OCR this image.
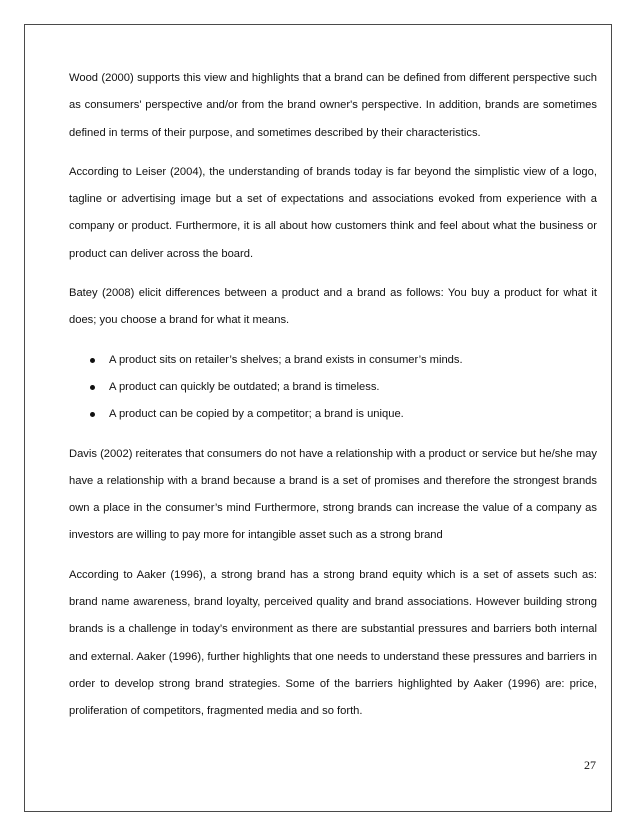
Wood (2000) supports this view and highlights that a brand can be defined from different perspective such as consumers' perspective and/or from the brand owner's perspective. In addition, brands are sometimes defined in terms of their purpose, and sometimes described by their characteristics.

According to Leiser (2004), the understanding of brands today is far beyond the simplistic view of a logo, tagline or advertising image but a set of expectations and associations evoked from experience with a company or product. Furthermore, it is all about how customers think and feel about what the business or product can deliver across the board.

Batey (2008) elicit differences between a product and a brand as follows: You buy a product for what it does; you choose a brand for what it means.

A product sits on retailer’s shelves; a brand exists in consumer’s minds.
A product can quickly be outdated; a brand is timeless.
A product can be copied by a competitor; a brand is unique.

Davis (2002) reiterates that consumers do not have a relationship with a product or service but he/she may have a relationship with a brand because a brand is a set of promises and therefore the strongest brands own a place in the consumer’s mind Furthermore, strong brands can increase the value of a company as investors are willing to pay more for intangible asset such as a strong brand

According to Aaker (1996), a strong brand has a strong brand equity which is a set of assets such as: brand name awareness, brand loyalty, perceived quality and brand associations. However building strong brands is a challenge in today’s environment as there are substantial pressures and barriers both internal and external. Aaker (1996), further highlights that one needs to understand these pressures and barriers in order to develop strong brand strategies. Some of the barriers highlighted by Aaker (1996) are: price, proliferation of competitors, fragmented media and so forth.

27
